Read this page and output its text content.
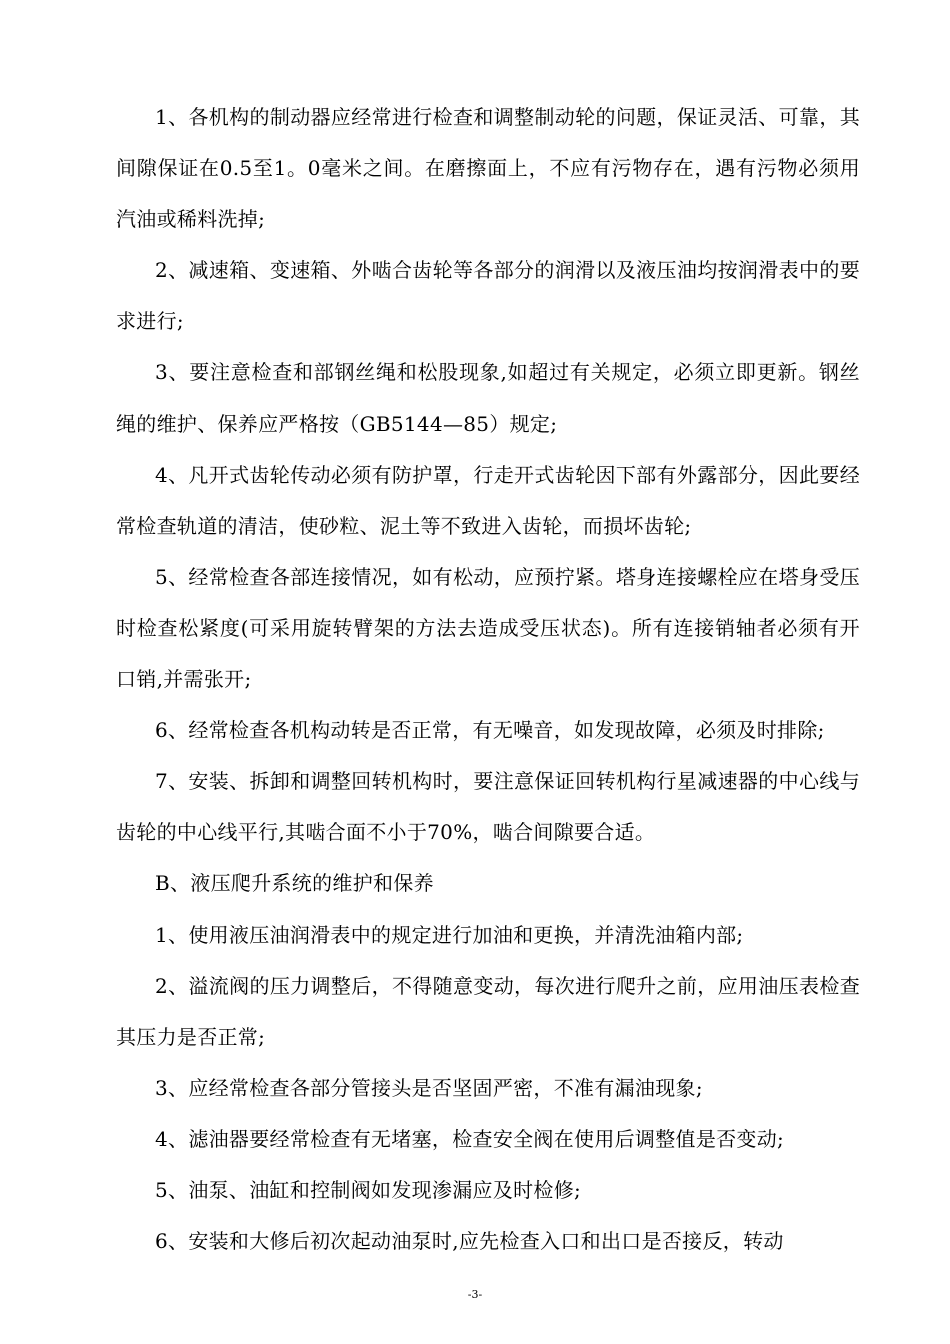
1、各机构的制动器应经常进行检查和调整制动轮的问题，保证灵活、可靠，其间隙保证在0.5至1。0毫米之间。在磨擦面上，不应有污物存在，遇有污物必须用汽油或稀料洗掉;

2、减速箱、变速箱、外啮合齿轮等各部分的润滑以及液压油均按润滑表中的要求进行;

3、要注意检查和部钢丝绳和松股现象,如超过有关规定，必须立即更新。钢丝绳的维护、保养应严格按（GB5144—85）规定;

4、凡开式齿轮传动必须有防护罩，行走开式齿轮因下部有外露部分，因此要经常检查轨道的清洁，使砂粒、泥土等不致进入齿轮，而损坏齿轮;

5、经常检查各部连接情况，如有松动，应预拧紧。塔身连接螺栓应在塔身受压时检查松紧度(可采用旋转臂架的方法去造成受压状态)。所有连接销轴者必须有开口销,并需张开;

6、经常检查各机构动转是否正常，有无噪音，如发现故障，必须及时排除;

7、安装、拆卸和调整回转机构时，要注意保证回转机构行星减速器的中心线与齿轮的中心线平行,其啮合面不小于70%，啮合间隙要合适。

B、液压爬升系统的维护和保养

1、使用液压油润滑表中的规定进行加油和更换，并清洗油箱内部;

2、溢流阀的压力调整后，不得随意变动，每次进行爬升之前，应用油压表检查其压力是否正常;

3、应经常检查各部分管接头是否坚固严密，不准有漏油现象;

4、滤油器要经常检查有无堵塞，检查安全阀在使用后调整值是否变动;

5、油泵、油缸和控制阀如发现渗漏应及时检修;

6、安装和大修后初次起动油泵时,应先检查入口和出口是否接反，转动

-3-
